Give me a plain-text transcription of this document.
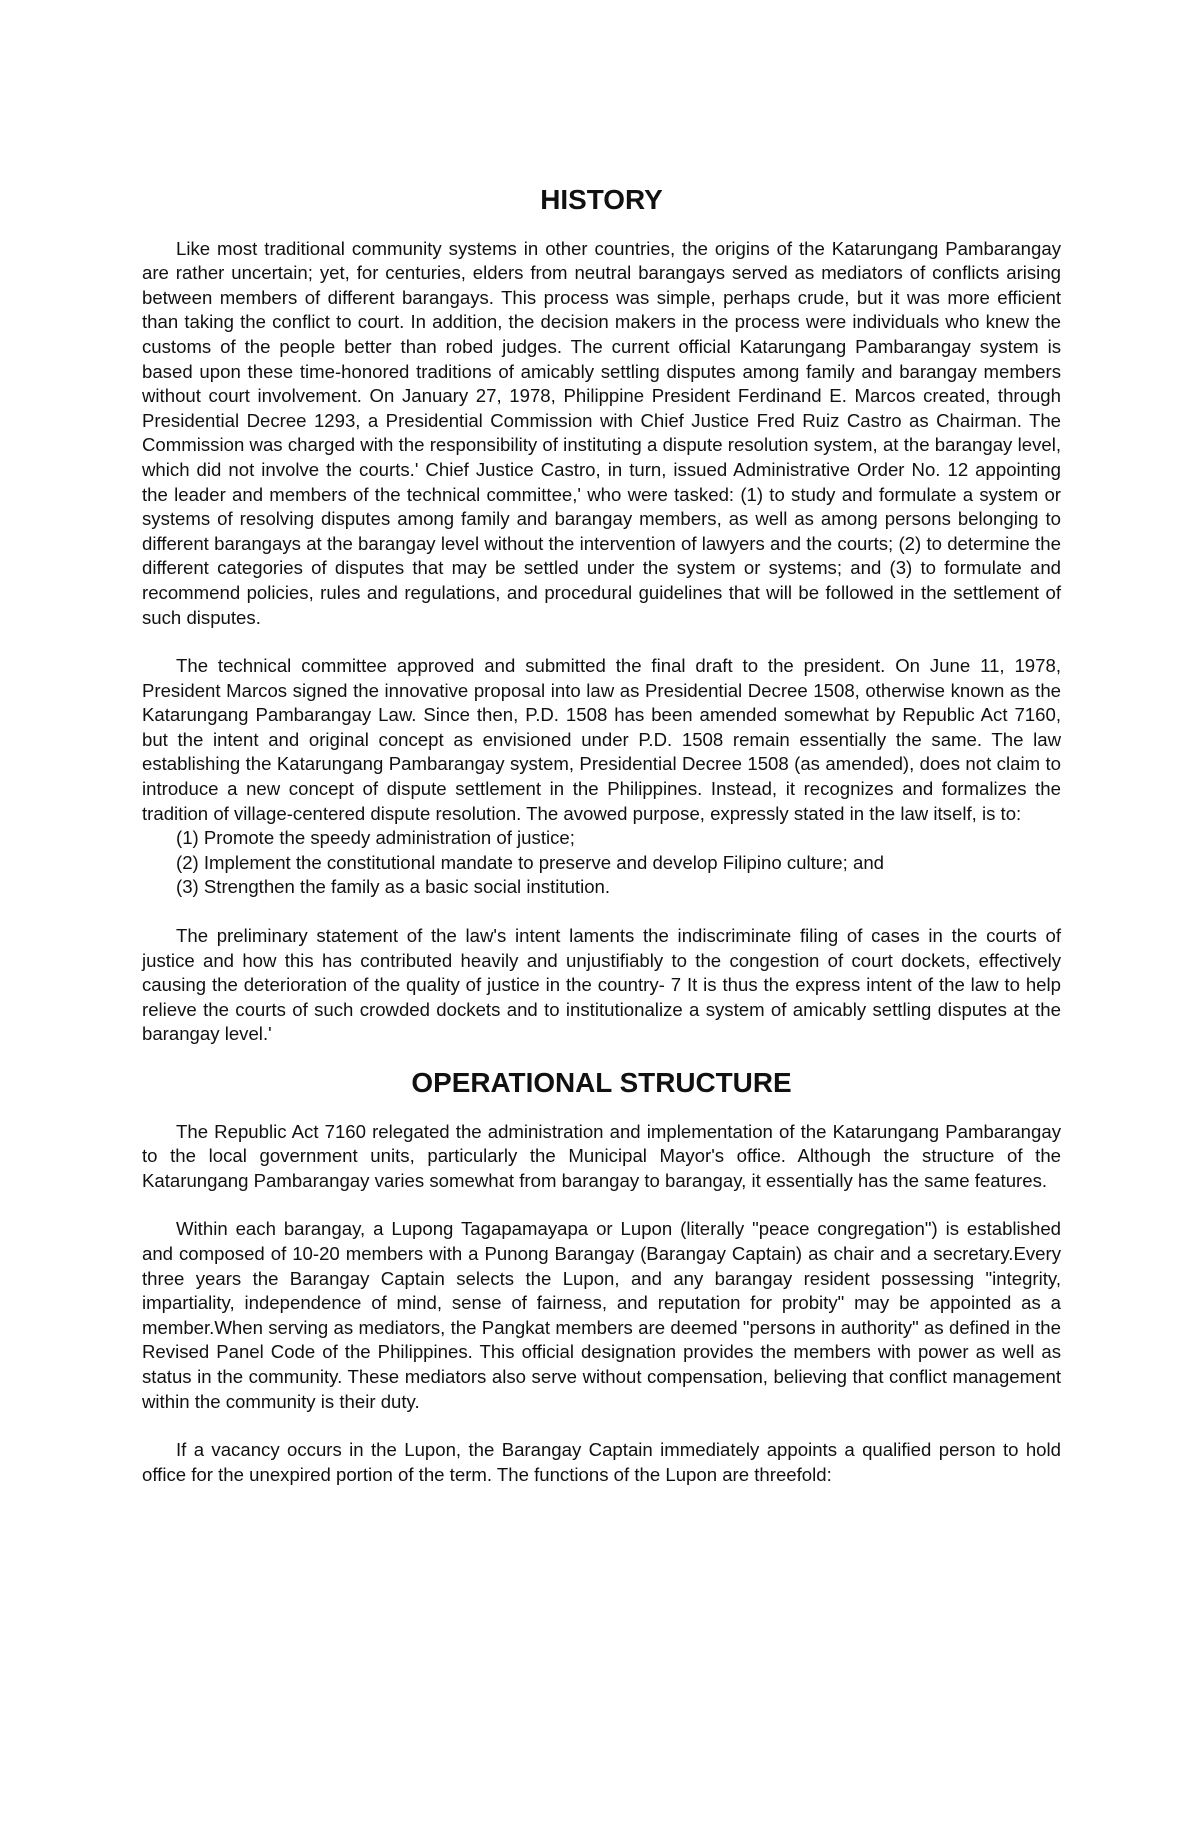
HISTORY

Like most traditional community systems in other countries, the origins of the Katarungang Pambarangay are rather uncertain; yet, for centuries, elders from neutral barangays served as mediators of conflicts arising between members of different barangays. This process was simple, perhaps crude, but it was more efficient than taking the conflict to court. In addition, the decision makers in the process were individuals who knew the customs of the people better than robed judges. The current official Katarungang Pambarangay system is based upon these time-honored traditions of amicably settling disputes among family and barangay members without court involvement. On January 27, 1978, Philippine President Ferdinand E. Marcos created, through Presidential Decree 1293, a Presidential Commission with Chief Justice Fred Ruiz Castro as Chairman. The Commission was charged with the responsibility of instituting a dispute resolution system, at the barangay level, which did not involve the courts.' Chief Justice Castro, in turn, issued Administrative Order No. 12 appointing the leader and members of the technical committee,' who were tasked: (1) to study and formulate a system or systems of resolving disputes among family and barangay members, as well as among persons belonging to different barangays at the barangay level without the intervention of lawyers and the courts; (2) to determine the different categories of disputes that may be settled under the system or systems; and (3) to formulate and recommend policies, rules and regulations, and procedural guidelines that will be followed in the settlement of such disputes.

The technical committee approved and submitted the final draft to the president. On June 11, 1978, President Marcos signed the innovative proposal into law as Presidential Decree 1508, otherwise known as the Katarungang Pambarangay Law. Since then, P.D. 1508 has been amended somewhat by Republic Act 7160, but the intent and original concept as envisioned under P.D. 1508 remain essentially the same. The law establishing the Katarungang Pambarangay system, Presidential Decree 1508 (as amended), does not claim to introduce a new concept of dispute settlement in the Philippines. Instead, it recognizes and formalizes the tradition of village-centered dispute resolution. The avowed purpose, expressly stated in the law itself, is to:

(1) Promote the speedy administration of justice;
(2) Implement the constitutional mandate to preserve and develop Filipino culture; and
(3) Strengthen the family as a basic social institution.

The preliminary statement of the law's intent laments the indiscriminate filing of cases in the courts of justice and how this has contributed heavily and unjustifiably to the congestion of court dockets, effectively causing the deterioration of the quality of justice in the country- 7 It is thus the express intent of the law to help relieve the courts of such crowded dockets and to institutionalize a system of amicably settling disputes at the barangay level.'

OPERATIONAL STRUCTURE

The Republic Act 7160 relegated the administration and implementation of the Katarungang Pambarangay to the local government units, particularly the Municipal Mayor's office. Although the structure of the Katarungang Pambarangay varies somewhat from barangay to barangay, it essentially has the same features.

Within each barangay, a Lupong Tagapamayapa or Lupon (literally "peace congregation") is established and composed of 10-20 members with a Punong Barangay (Barangay Captain) as chair and a secretary.Every three years the Barangay Captain selects the Lupon, and any barangay resident possessing "integrity, impartiality, independence of mind, sense of fairness, and reputation for probity" may be appointed as a member.When serving as mediators, the Pangkat members are deemed "persons in authority" as defined in the Revised Panel Code of the Philippines. This official designation provides the members with power as well as status in the community. These mediators also serve without compensation, believing that conflict management within the community is their duty.

If a vacancy occurs in the Lupon, the Barangay Captain immediately appoints a qualified person to hold office for the unexpired portion of the term. The functions of the Lupon are threefold:
